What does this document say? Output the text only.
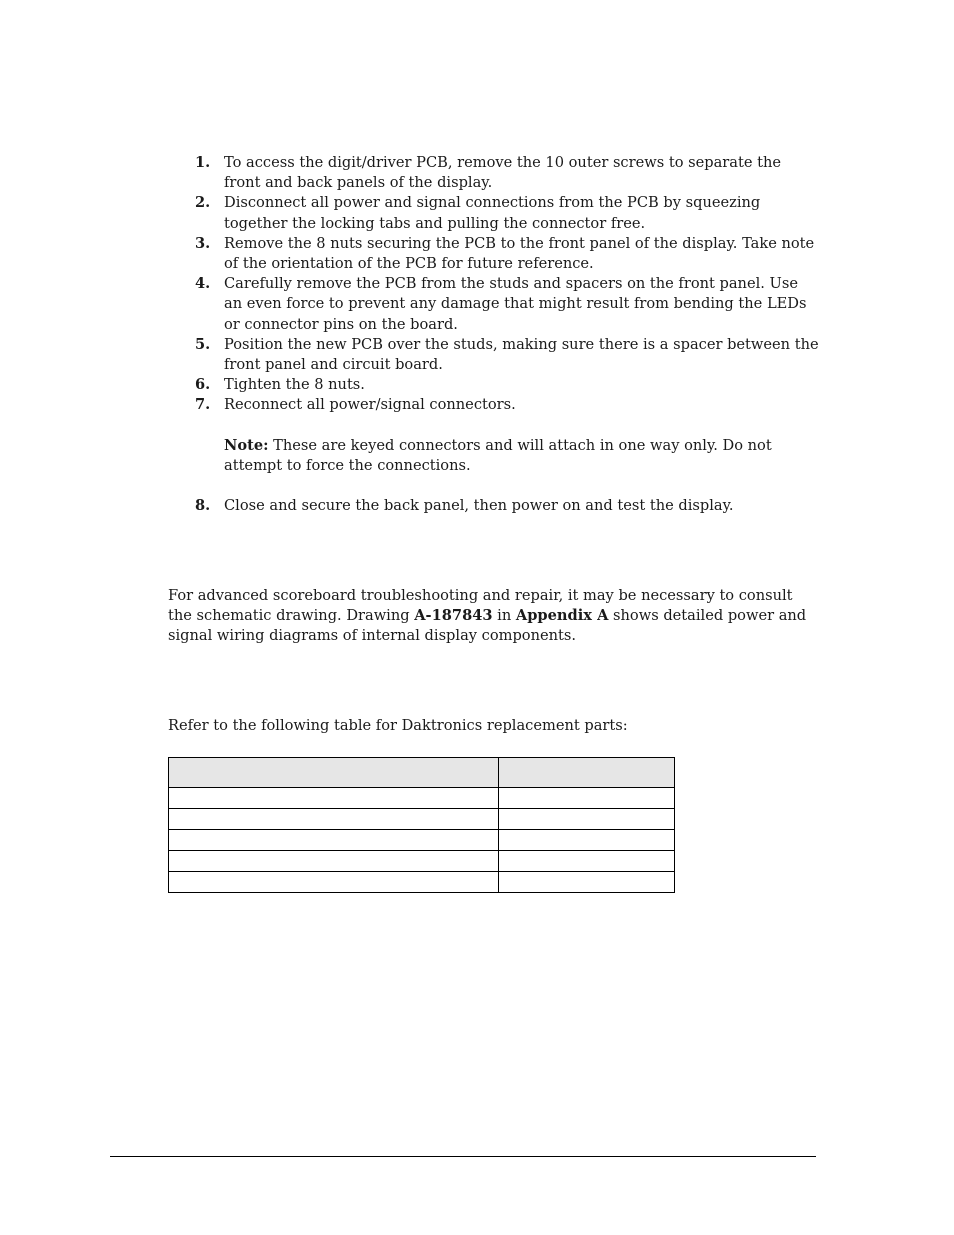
1. To access the digit/driver PCB, remove the 10 outer screws to separate the front and back panels of the display.
2. Disconnect all power and signal connections from the PCB by squeezing together the locking tabs and pulling the connector free.
3. Remove the 8 nuts securing the PCB to the front panel of the display. Take note of the orientation of the PCB for future reference.
4. Carefully remove the PCB from the studs and spacers on the front panel. Use an even force to prevent any damage that might result from bending the LEDs or connector pins on the board.
5. Position the new PCB over the studs, making sure there is a spacer between the front panel and circuit board.
6. Tighten the 8 nuts.
7. Reconnect all power/signal connectors.
Note: These are keyed connectors and will attach in one way only. Do not attempt to force the connections.
8. Close and secure the back panel, then power on and test the display.

For advanced scoreboard troubleshooting and repair, it may be necessary to consult the schematic drawing. Drawing A-187843 in Appendix A shows detailed power and signal wiring diagrams of internal display components.

Refer to the following table for Daktronics replacement parts:
